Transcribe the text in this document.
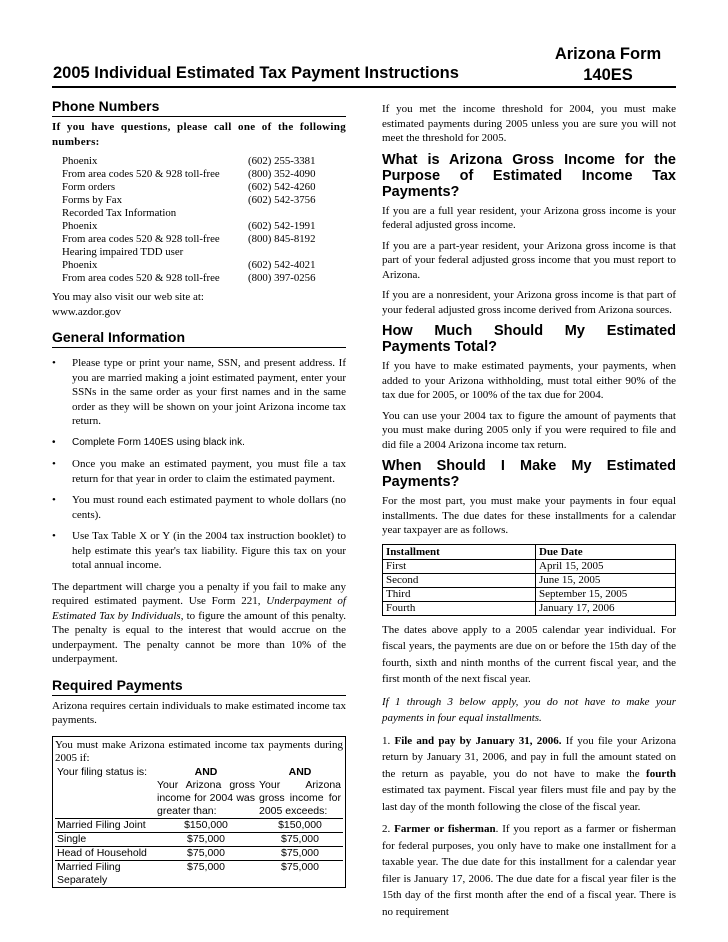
Arizona Form
140ES
2005 Individual Estimated Tax Payment Instructions
Phone Numbers

If you have questions, please call one of the following numbers:

Phoenix	(602) 255-3381
From area codes 520 & 928 toll-free	(800) 352-4090
Form orders	(602) 542-4260
Forms by Fax	(602) 542-3756
Recorded Tax Information
Phoenix	(602) 542-1991
From area codes 520 & 928 toll-free	(800) 845-8192
Hearing impaired TDD user
Phoenix	(602) 542-4021
From area codes 520 & 928 toll-free	(800) 397-0256

You may also visit our web site at: www.azdor.gov

General Information
• Please type or print your name, SSN, and present address. If you are married making a joint estimated payment, enter your SSNs in the same order as your first names and in the same order as they will be shown on your joint Arizona income tax return.
• Complete Form 140ES using black ink.
• Once you make an estimated payment, you must file a tax return for that year in order to claim the estimated payment.
• You must round each estimated payment to whole dollars (no cents).
• Use Tax Table X or Y (in the 2004 tax instruction booklet) to help estimate this year's tax liability. Figure this tax on your total annual income.

The department will charge you a penalty if you fail to make any required estimated payment. Use Form 221, Underpayment of Estimated Tax by Individuals, to figure the amount of this penalty. The penalty is equal to the interest that would accrue on the underpayment. The penalty cannot be more than 10% of the underpayment.

Required Payments

Arizona requires certain individuals to make estimated income tax payments.

You must make Arizona estimated income tax payments during 2005 if:
Your filing status is:	AND	AND
	Your Arizona gross income for 2004 was greater than:	Your Arizona gross income for 2005 exceeds:
Married Filing Joint	$150,000	$150,000
Single	$75,000	$75,000
Head of Household	$75,000	$75,000
Married Filing Separately	$75,000	$75,000

If you met the income threshold for 2004, you must make estimated payments during 2005 unless you are sure you will not meet the threshold for 2005.

What is Arizona Gross Income for the Purpose of Estimated Income Tax Payments?

If you are a full year resident, your Arizona gross income is your federal adjusted gross income.

If you are a part-year resident, your Arizona gross income is that part of your federal adjusted gross income that you must report to Arizona.

If you are a nonresident, your Arizona gross income is that part of your federal adjusted gross income derived from Arizona sources.

How Much Should My Estimated Payments Total?

If you have to make estimated payments, your payments, when added to your Arizona withholding, must total either 90% of the tax due for 2005, or 100% of the tax due for 2004.

You can use your 2004 tax to figure the amount of payments that you must make during 2005 only if you were required to file and did file a 2004 Arizona income tax return.

When Should I Make My Estimated Payments?

For the most part, you must make your payments in four equal installments. The due dates for these installments for a calendar year taxpayer are as follows.

Installment	Due Date
First	April 15, 2005
Second	June 15, 2005
Third	September 15, 2005
Fourth	January 17, 2006

The dates above apply to a 2005 calendar year individual. For fiscal years, the payments are due on or before the 15th day of the fourth, sixth and ninth months of the current fiscal year, and the first month of the next fiscal year.

If 1 through 3 below apply, you do not have to make your payments in four equal installments.

1. File and pay by January 31, 2006. If you file your Arizona return by January 31, 2006, and pay in full the amount stated on the return as payable, you do not have to make the fourth estimated tax payment. Fiscal year filers must file and pay by the last day of the month following the close of the fiscal year.

2. Farmer or fisherman. If you report as a farmer or fisherman for federal purposes, you only have to make one installment for a taxable year. The due date for this installment for a calendar year filer is January 17, 2006. The due date for a fiscal year filer is the 15th day of the first month after the end of a fiscal year. There is no requirement
